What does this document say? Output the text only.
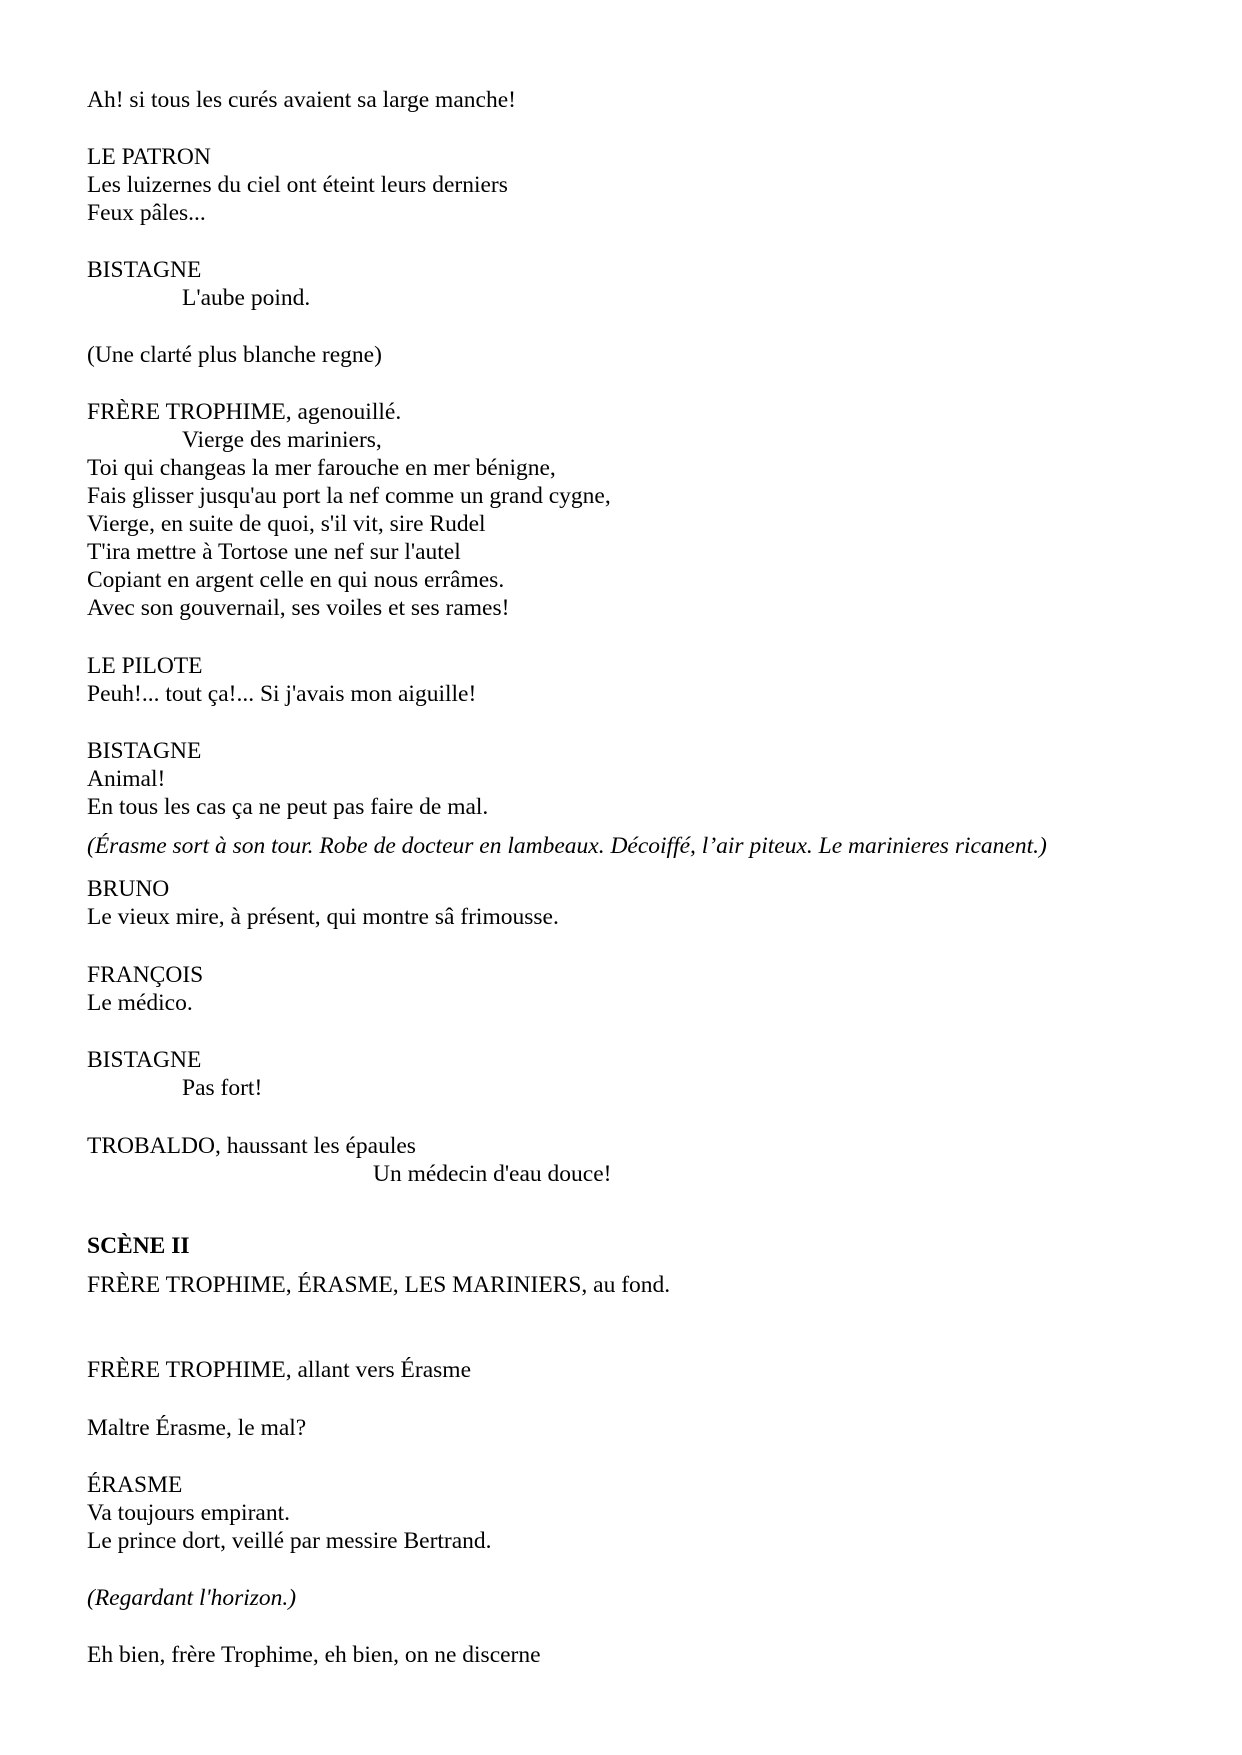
Ah! si tous les curés avaient sa large manche!
LE PATRON
Les luizernes du ciel ont éteint leurs derniers
Feux pâles...
BISTAGNE
L'aube poind.
(Une clarté plus blanche regne)
FRÈRE TROPHIME, agenouillé.
Vierge des mariniers,
Toi qui changeas la mer farouche en mer bénigne,
Fais glisser jusqu'au port la nef comme un grand cygne,
Vierge, en suite de quoi, s'il vit, sire Rudel
T'ira mettre à Tortose une nef sur l'autel
Copiant en argent celle en qui nous errâmes.
Avec son gouvernail, ses voiles et ses rames!
LE PILOTE
Peuh!... tout ça!... Si j'avais mon aiguille!
BISTAGNE
Animal!
En tous les cas ça ne peut pas faire de mal.
(Érasme sort à son tour. Robe de docteur en lambeaux. Décoiffé, l’air piteux. Le marinieres ricanent.)
BRUNO
Le vieux mire, à présent, qui montre sâ frimousse.
FRANÇOIS
Le médico.
BISTAGNE
Pas fort!
TROBALDO, haussant les épaules
Un médecin d'eau douce!
SCÈNE II
FRÈRE TROPHIME, ÉRASME, LES MARINIERS, au fond.
FRÈRE TROPHIME, allant vers Érasme
Maltre Érasme, le mal?
ÉRASME
Va toujours empirant.
Le prince dort, veillé par messire Bertrand.
(Regardant l'horizon.)
Eh bien, frère Trophime, eh bien, on ne discerne
